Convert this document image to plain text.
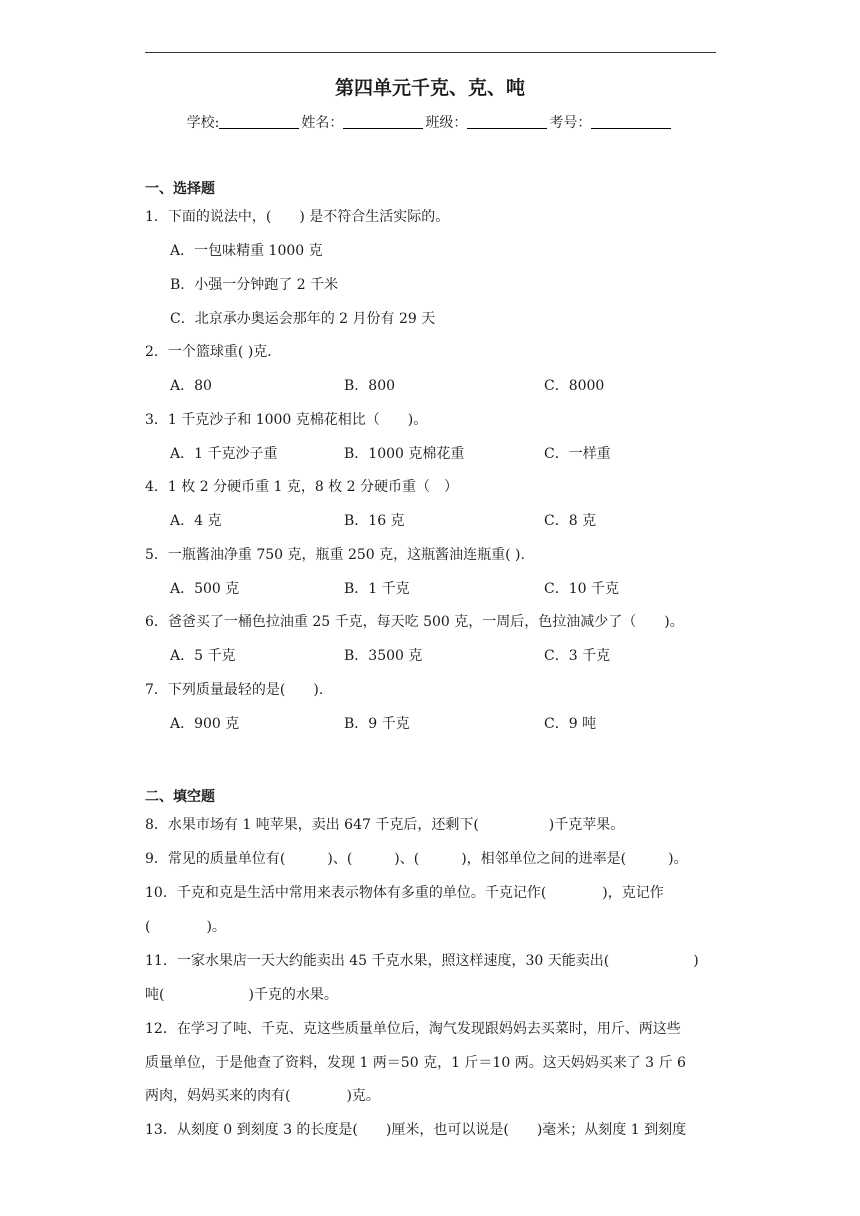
第四单元千克、克、吨
学校:	姓名：	班级：	考号：
一、选择题
1．下面的说法中，(　　) 是不符合生活实际的。
A．一包味精重 1000 克
B．小强一分钟跑了 2 千米
C．北京承办奥运会那年的 2 月份有 29 天
2．一个篮球重( )克．
A．80	B．800	C．8000
3．1 千克沙子和 1000 克棉花相比（　　)。
A．1 千克沙子重	B．1000 克棉花重	C．一样重
4．1 枚 2 分硬币重 1 克，8 枚 2 分硬币重（　）
A．4 克	B．16 克	C．8 克
5．一瓶酱油净重 750 克，瓶重 250 克，这瓶酱油连瓶重( ).
A．500 克	B．1 千克	C．10 千克
6．爸爸买了一桶色拉油重 25 千克，每天吃 500 克，一周后，色拉油减少了（　　)。
A．5 千克	B．3500 克	C．3 千克
7．下列质量最轻的是(　　).
A．900 克	B．9 千克	C．9 吨
二、填空题
8．水果市场有 1 吨苹果，卖出 647 千克后，还剩下(　　　　　)千克苹果。
9．常见的质量单位有(　　　)、(　　　)、(　　　)，相邻单位之间的进率是(　　　)。
10．千克和克是生活中常用来表示物体有多重的单位。千克记作(　　　　)，克记作
(　　　　)。
11．一家水果店一天大约能卖出 45 千克水果，照这样速度，30 天能卖出(　　　　　　)
吨(　　　　　　)千克的水果。
12．在学习了吨、千克、克这些质量单位后，淘气发现跟妈妈去买菜时，用斤、两这些
质量单位，于是他查了资料，发现 1 两＝50 克，1 斤＝10 两。这天妈妈买来了 3 斤 6
两肉，妈妈买来的肉有(　　　　)克。
13．从刻度 0 到刻度 3 的长度是(　　)厘米，也可以说是(　　)毫米；从刻度 1 到刻度
